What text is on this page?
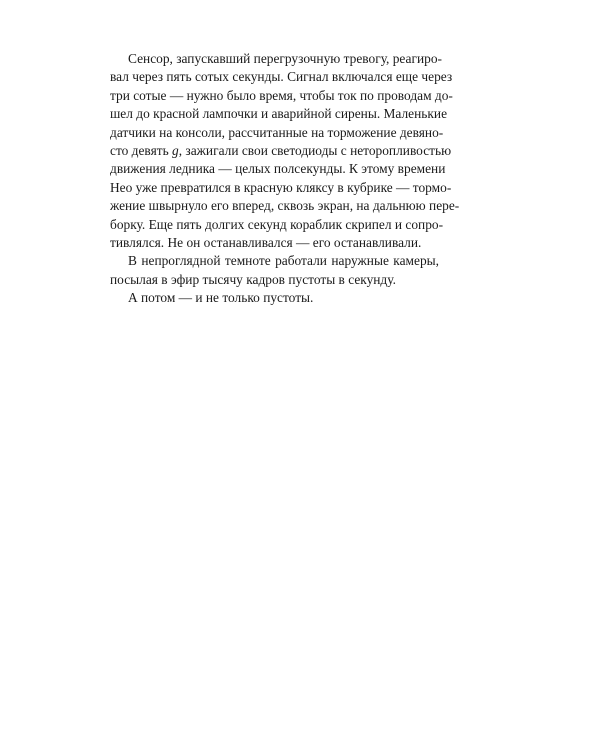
Сенсор, запускавший перегрузочную тревогу, реагиро-
вал через пять сотых секунды. Сигнал включался еще через
три сотые — нужно было время, чтобы ток по проводам до-
шел до красной лампочки и аварийной сирены. Маленькие
датчики на консоли, рассчитанные на торможение девяно-
сто девять g, зажигали свои светодиоды с неторопливостью
движения ледника — целых полсекунды. К этому времени
Нео уже превратился в красную кляксу в кубрике — тормо-
жение швырнуло его вперед, сквозь экран, на дальнюю пере-
борку. Еще пять долгих секунд кораблик скрипел и сопро-
тивлялся. Не он останавливался — его останавливали.

В непроглядной темноте работали наружные камеры,
посылая в эфир тысячу кадров пустоты в секунду.

А потом — и не только пустоты.
